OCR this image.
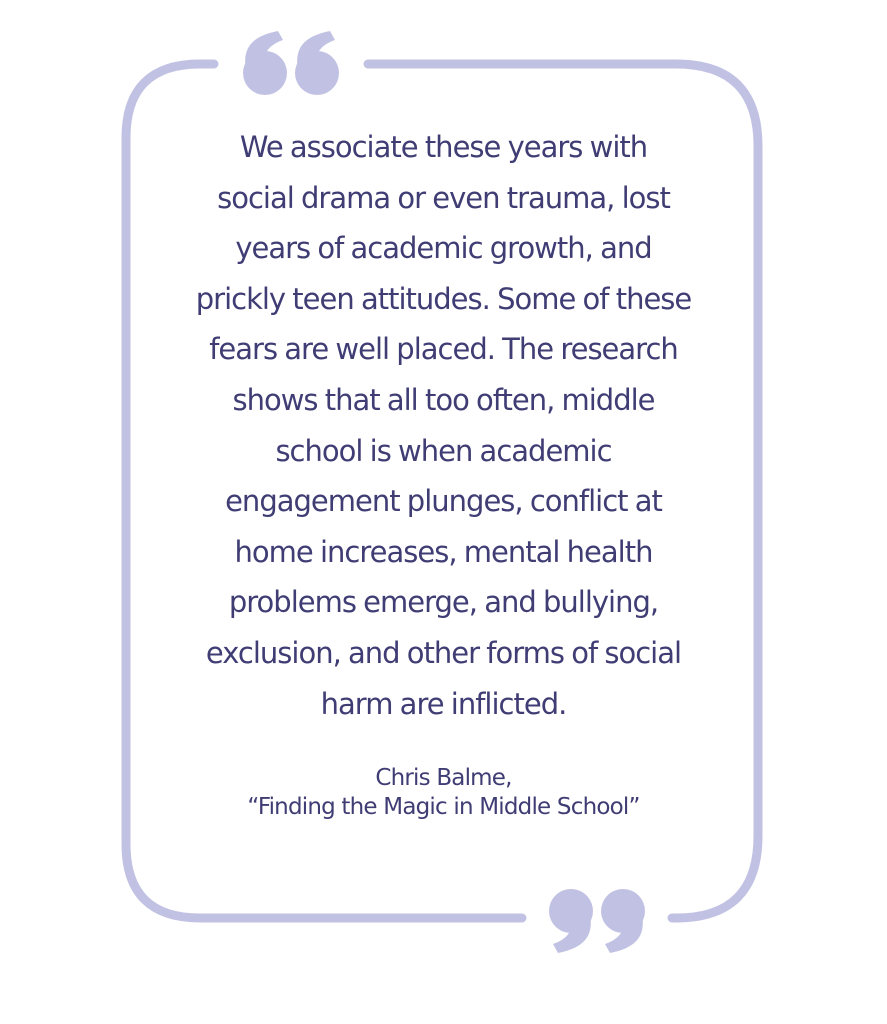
We associate these years with
social drama or even trauma, lost
years of academic growth, and
prickly teen attitudes. Some of these
fears are well placed. The research
shows that all too often, middle
school is when academic
engagement plunges, conflict at
home increases, mental health
problems emerge, and bullying,
exclusion, and other forms of social
harm are inflicted.

Chris Balme,
“Finding the Magic in Middle School”
